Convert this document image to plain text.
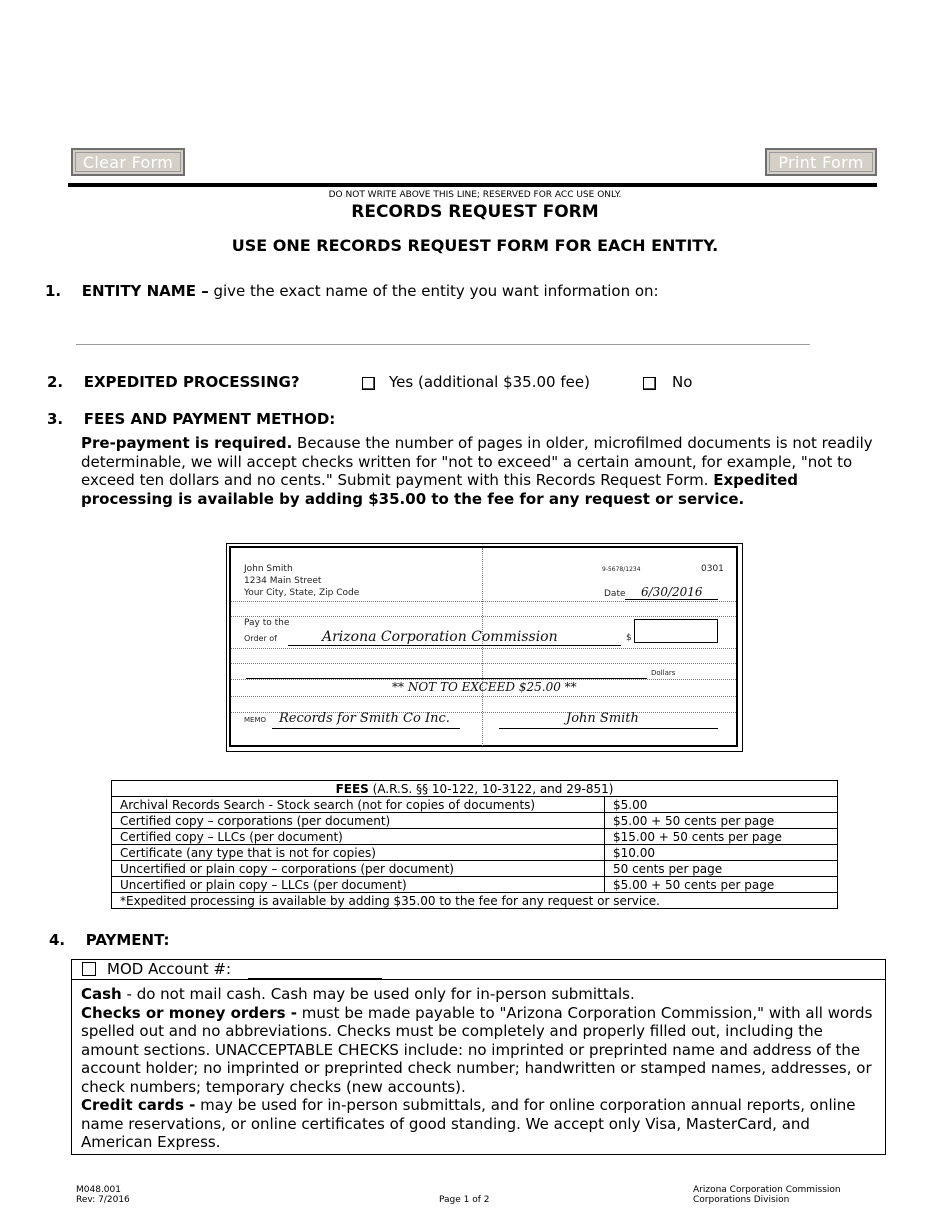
Clear Form	Print Form
DO NOT WRITE ABOVE THIS LINE; RESERVED FOR ACC USE ONLY.
RECORDS REQUEST FORM
USE ONE RECORDS REQUEST FORM FOR EACH ENTITY.
1. ENTITY NAME – give the exact name of the entity you want information on:
2. EXPEDITED PROCESSING?	Yes (additional $35.00 fee)	No
3. FEES AND PAYMENT METHOD:
Pre-payment is required. Because the number of pages in older, microfilmed documents is not readily determinable, we will accept checks written for "not to exceed" a certain amount, for example, "not to exceed ten dollars and no cents." Submit payment with this Records Request Form. Expedited processing is available by adding $35.00 to the fee for any request or service.
John Smith
1234 Main Street
Your City, State, Zip Code
9-5678/1234	0301
Date 6/30/2016
Pay to the
Order of	Arizona Corporation Commission	$
Dollars
** NOT TO EXCEED $25.00 **
MEMO Records for Smith Co Inc.	John Smith
FEES (A.R.S. §§ 10-122, 10-3122, and 29-851)	
Archival Records Search - Stock search (not for copies of documents)	$5.00
Certified copy – corporations (per document)	$5.00 + 50 cents per page
Certified copy – LLCs (per document)	$15.00 + 50 cents per page
Certificate (any type that is not for copies)	$10.00
Uncertified or plain copy – corporations (per document)	50 cents per page
Uncertified or plain copy – LLCs (per document)	$5.00 + 50 cents per page
*Expedited processing is available by adding $35.00 to the fee for any request or service.	
4. PAYMENT:
MOD Account #:
Cash - do not mail cash. Cash may be used only for in-person submittals.
Checks or money orders - must be made payable to "Arizona Corporation Commission," with all words spelled out and no abbreviations. Checks must be completely and properly filled out, including the amount sections. UNACCEPTABLE CHECKS include: no imprinted or preprinted name and address of the account holder; no imprinted or preprinted check number; handwritten or stamped names, addresses, or check numbers; temporary checks (new accounts).
Credit cards - may be used for in-person submittals, and for online corporation annual reports, online name reservations, or online certificates of good standing. We accept only Visa, MasterCard, and American Express.
M048.001
Rev: 7/2016	Page 1 of 2
Arizona Corporation Commission
Corporations Division
